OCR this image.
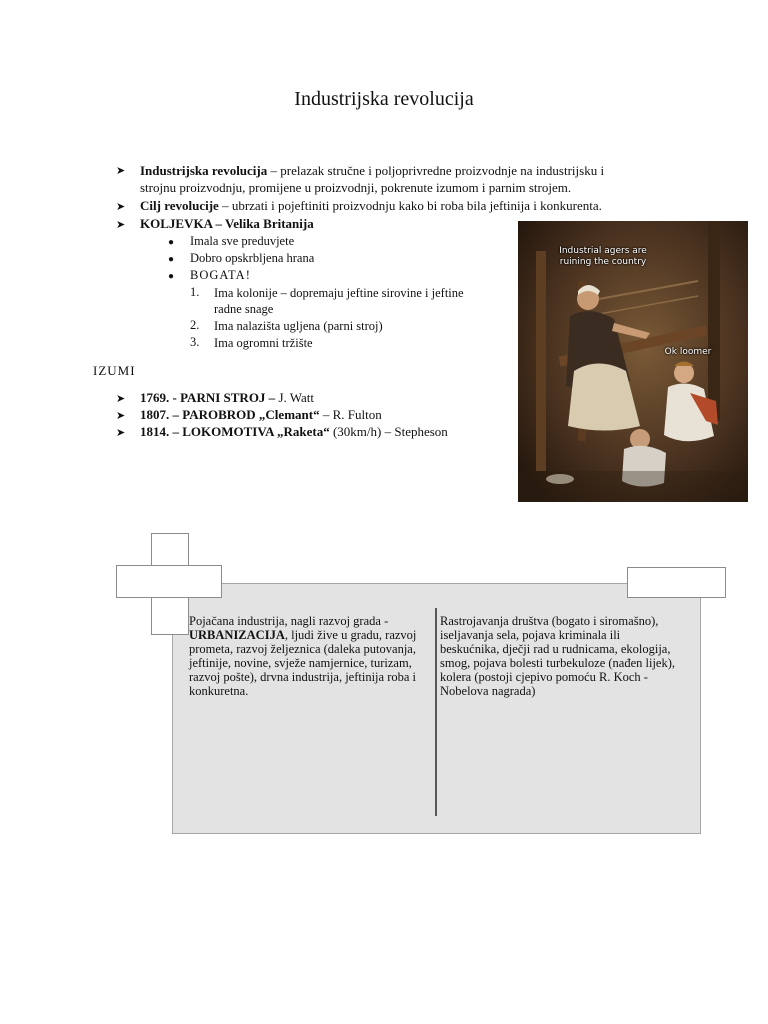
Industrijska revolucija
➤ Industrijska revolucija – prelazak stručne i poljoprivredne proizvodnje na industrijsku i
strojnu proizvodnju, promijene u proizvodnji, pokrenute izumom i parnim strojem.
➤ Cilj revolucije – ubrzati i pojeftiniti proizvodnju kako bi roba bila jeftinija i konkurenta.
➤ KOLJEVKA – Velika Britanija
● Imala sve preduvjete
● Dobro opskrbljena hrana
● BOGATA!
1. Ima kolonije – dopremaju jeftine sirovine i jeftine
radne snage
2. Ima nalazišta ugljena (parni stroj)
3. Ima ogromni tržište
IZUMI
➤ 1769. - PARNI STROJ – J. Watt
➤ 1807. – PAROBROD „Clemant“ – R. Fulton
➤ 1814. – LOKOMOTIVA „Raketa“ (30km/h) – Stepheson
Industrial agers are ruining the country
Ok loomer
Pojačana industrija, nagli razvoj grada - URBANIZACIJA, ljudi žive u gradu, razvoj prometa, razvoj željeznica (daleka putovanja, jeftinije, novine, svježe namjernice, turizam, razvoj pošte), drvna industrija, jeftinija roba i konkuretna.
Rastrojavanja društva (bogato i siromašno), iseljavanja sela, pojava kriminala ili beskućnika, dječji rad u rudnicama, ekologija, smog, pojava bolesti turbekuloze (nađen lijek), kolera (postoji cjepivo pomoću R. Koch - Nobelova nagrada)
